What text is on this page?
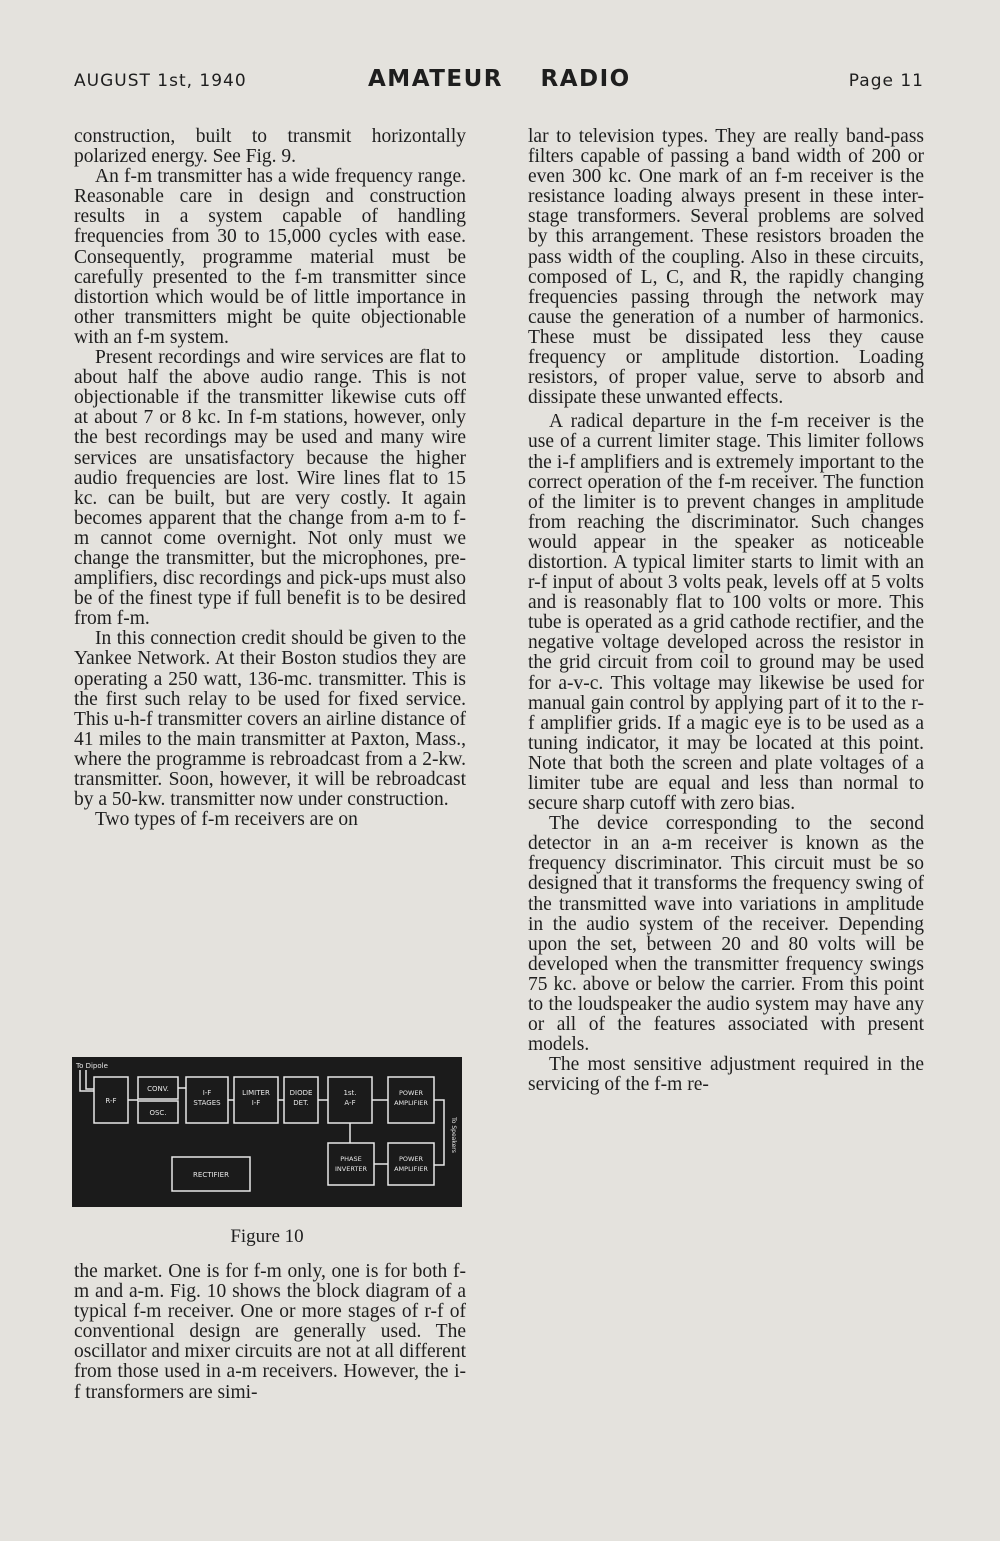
AUGUST 1st, 1940	AMATEUR RADIO	Page 11

construction, built to transmit horizontally polarized energy. See Fig. 9.

An f-m transmitter has a wide frequency range. Reasonable care in design and construction results in a system capable of handling frequencies from 30 to 15,000 cycles with ease. Consequently, programme material must be carefully presented to the f-m transmitter since distortion which would be of little importance in other transmitters might be quite objectionable with an f-m system.

Present recordings and wire services are flat to about half the above audio range. This is not objectionable if the transmitter likewise cuts off at about 7 or 8 kc. In f-m stations, however, only the best recordings may be used and many wire services are unsatisfactory because the higher audio frequencies are lost. Wire lines flat to 15 kc. can be built, but are very costly. It again becomes apparent that the change from a-m to f-m cannot come overnight. Not only must we change the transmitter, but the microphones, pre-amplifiers, disc recordings and pick-ups must also be of the finest type if full benefit is to be desired from f-m.

In this connection credit should be given to the Yankee Network. At their Boston studios they are operating a 250 watt, 136-mc. transmitter. This is the first such relay to be used for fixed service. This u-h-f transmitter covers an airline distance of 41 miles to the main transmitter at Paxton, Mass., where the programme is rebroadcast from a 2-kw. transmitter. Soon, however, it will be rebroadcast by a 50-kw. transmitter now under construction.

Two types of f-m receivers are on

To Dipole
R-F
CONV.
OSC.
I-F
STAGES
LIMITER
I-F
DIODE
DET.
1st.
A-F
POWER
AMPLIFIER
To Speakers
PHASE
INVERTER
POWER
AMPLIFIER
RECTIFIER
Figure 10

the market. One is for f-m only, one is for both f-m and a-m. Fig. 10 shows the block diagram of a typical f-m receiver. One or more stages of r-f of conventional design are generally used. The oscillator and mixer circuits are not at all different from those used in a-m receivers. However, the i-f transformers are simi-

lar to television types. They are really band-pass filters capable of passing a band width of 200 or even 300 kc. One mark of an f-m receiver is the resistance loading always present in these inter-stage transformers. Several problems are solved by this arrangement. These resistors broaden the pass width of the coupling. Also in these circuits, composed of L, C, and R, the rapidly changing frequencies passing through the network may cause the generation of a number of harmonics. These must be dissipated less they cause frequency or amplitude distortion. Loading resistors, of proper value, serve to absorb and dissipate these unwanted effects.

A radical departure in the f-m receiver is the use of a current limiter stage. This limiter follows the i-f amplifiers and is extremely important to the correct operation of the f-m receiver. The function of the limiter is to prevent changes in amplitude from reaching the discriminator. Such changes would appear in the speaker as noticeable distortion. A typical limiter starts to limit with an r-f input of about 3 volts peak, levels off at 5 volts and is reasonably flat to 100 volts or more. This tube is operated as a grid cathode rectifier, and the negative voltage developed across the resistor in the grid circuit from coil to ground may be used for a-v-c. This voltage may likewise be used for manual gain control by applying part of it to the r-f amplifier grids. If a magic eye is to be used as a tuning indicator, it may be located at this point. Note that both the screen and plate voltages of a limiter tube are equal and less than normal to secure sharp cutoff with zero bias.

The device corresponding to the second detector in an a-m receiver is known as the frequency discriminator. This circuit must be so designed that it transforms the frequency swing of the transmitted wave into variations in amplitude in the audio system of the receiver. Depending upon the set, between 20 and 80 volts will be developed when the transmitter frequency swings 75 kc. above or below the carrier. From this point to the loudspeaker the audio system may have any or all of the features associated with present models.

The most sensitive adjustment required in the servicing of the f-m re-
